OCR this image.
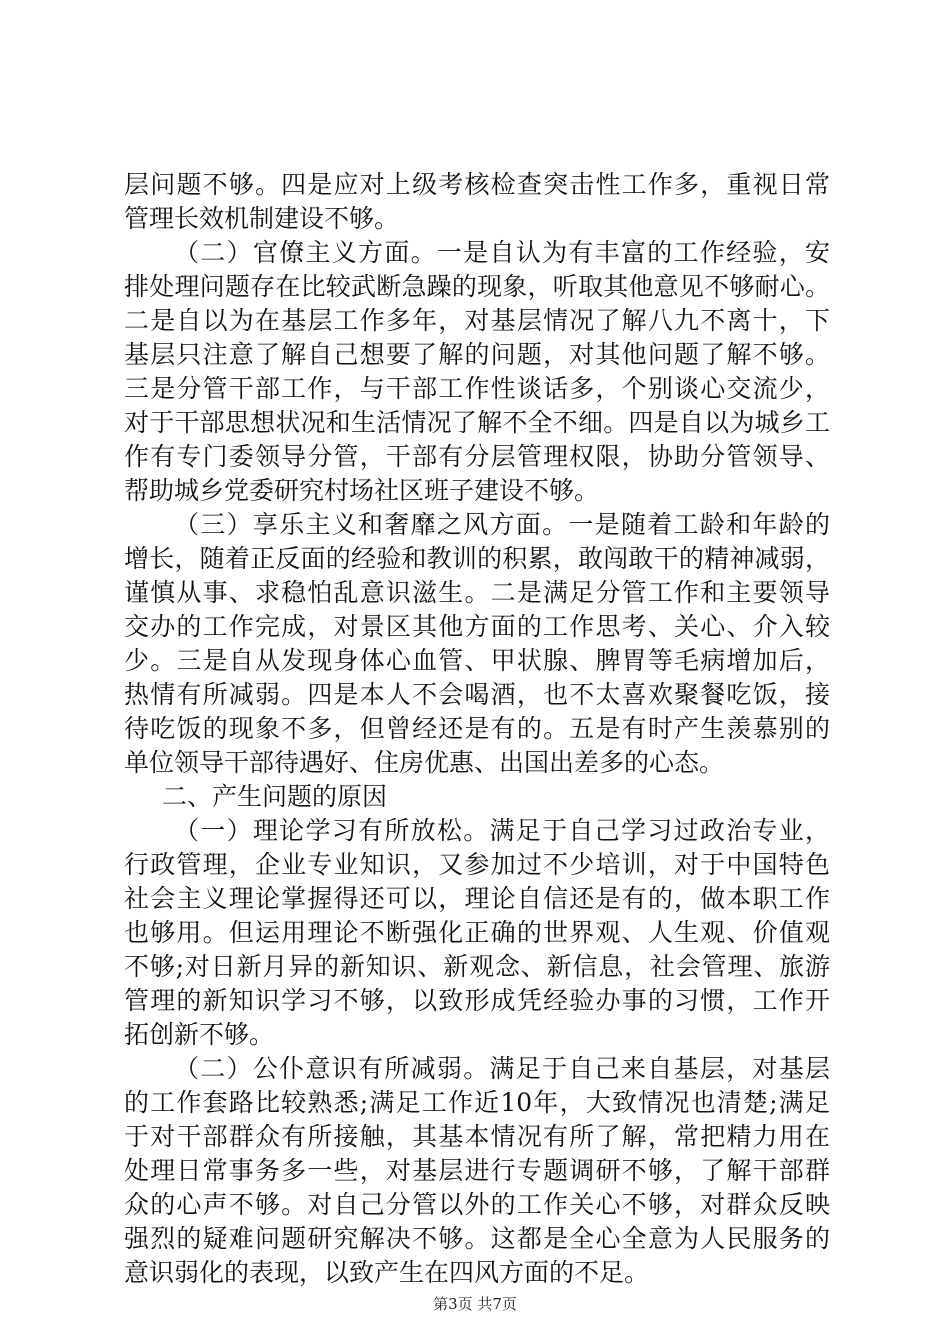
层问题不够。四是应对上级考核检查突击性工作多，重视日常
管理长效机制建设不够。
（二）官僚主义方面。一是自认为有丰富的工作经验，安
排处理问题存在比较武断急躁的现象，听取其他意见不够耐心。
二是自以为在基层工作多年，对基层情况了解八九不离十，下
基层只注意了解自己想要了解的问题，对其他问题了解不够。
三是分管干部工作，与干部工作性谈话多，个别谈心交流少，
对于干部思想状况和生活情况了解不全不细。四是自以为城乡工
作有专门委领导分管，干部有分层管理权限，协助分管领导、
帮助城乡党委研究村场社区班子建设不够。
（三）享乐主义和奢靡之风方面。一是随着工龄和年龄的
增长，随着正反面的经验和教训的积累，敢闯敢干的精神减弱，
谨慎从事、求稳怕乱意识滋生。二是满足分管工作和主要领导
交办的工作完成，对景区其他方面的工作思考、关心、介入较
少。三是自从发现身体心血管、甲状腺、脾胃等毛病增加后，
热情有所减弱。四是本人不会喝酒，也不太喜欢聚餐吃饭，接
待吃饭的现象不多，但曾经还是有的。五是有时产生羡慕别的
单位领导干部待遇好、住房优惠、出国出差多的心态。
二、产生问题的原因
（一）理论学习有所放松。满足于自己学习过政治专业，
行政管理，企业专业知识，又参加过不少培训，对于中国特色
社会主义理论掌握得还可以，理论自信还是有的，做本职工作
也够用。但运用理论不断强化正确的世界观、人生观、价值观
不够;对日新月异的新知识、新观念、新信息，社会管理、旅游
管理的新知识学习不够，以致形成凭经验办事的习惯，工作开
拓创新不够。
（二）公仆意识有所减弱。满足于自己来自基层，对基层
的工作套路比较熟悉;满足工作近10年，大致情况也清楚;满足
于对干部群众有所接触，其基本情况有所了解，常把精力用在
处理日常事务多一些，对基层进行专题调研不够，了解干部群
众的心声不够。对自己分管以外的工作关心不够，对群众反映
强烈的疑难问题研究解决不够。这都是全心全意为人民服务的
意识弱化的表现，以致产生在四风方面的不足。
第3页 共7页
